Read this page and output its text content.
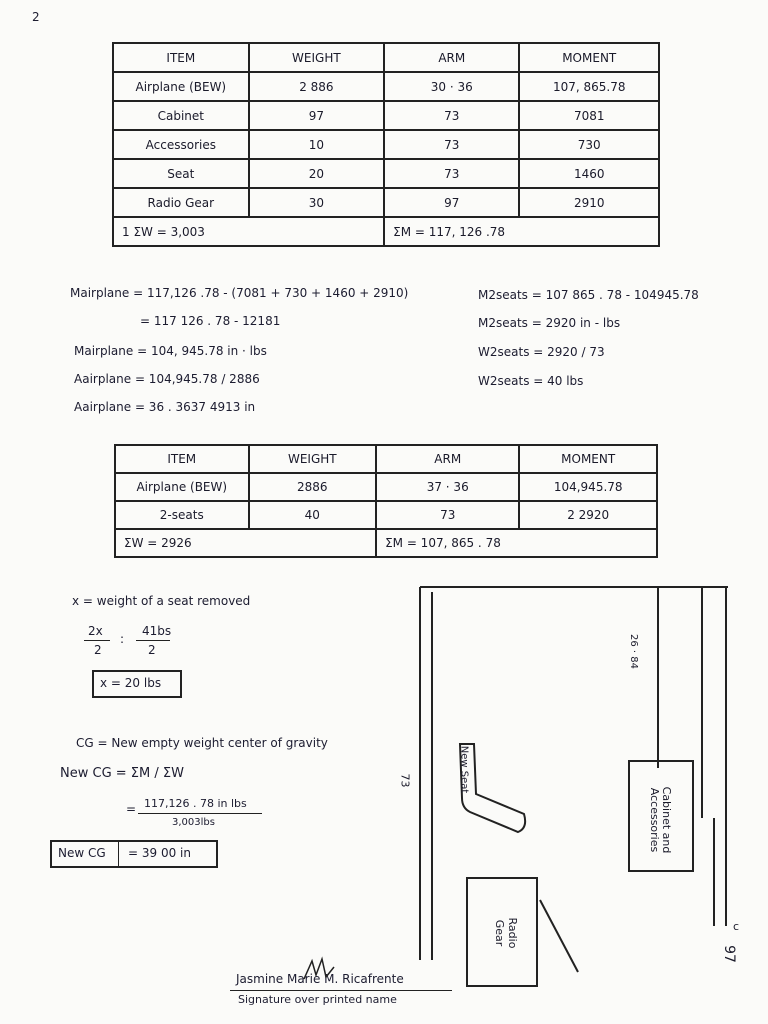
2
ITEM	WEIGHT	ARM	MOMENT
Airplane (BEW)	2 886	30 · 36	107, 865.78
Cabinet	97	73	7081
Accessories	10	73	730
Seat	20	73	1460
Radio Gear	30	97	2910
1 ΣW = 3,003		ΣM = 117, 126 .78	
Mairplane = 117,126 .78 - (7081 + 730 + 1460 + 2910)
= 117 126 . 78 - 12181
Mairplane = 104, 945.78 in · lbs
Aairplane = 104,945.78 / 2886
Aairplane = 36 . 3637 4913 in
M2seats = 107 865 . 78 - 104945.78
M2seats = 2920 in - lbs
W2seats = 2920 / 73
W2seats = 40 lbs
ITEM	WEIGHT	ARM	MOMENT
Airplane (BEW)	2886	37 · 36	104,945.78
2-seats	40	73	2 2920
ΣW = 2926		ΣM = 107, 865 . 78	
x = weight of a seat removed
2x
2
:
41bs
2
x = 20 lbs
CG = New empty weight center of gravity
New CG = ΣM / ΣW
= 117,126 . 78 in lbs
3,003lbs
New CG = 39 00 in
26 · 84
73
97
c
New Seat
Cabinet and Accessories
Radio Gear
Jasmine Marie M. Ricafrente
Signature over printed name
